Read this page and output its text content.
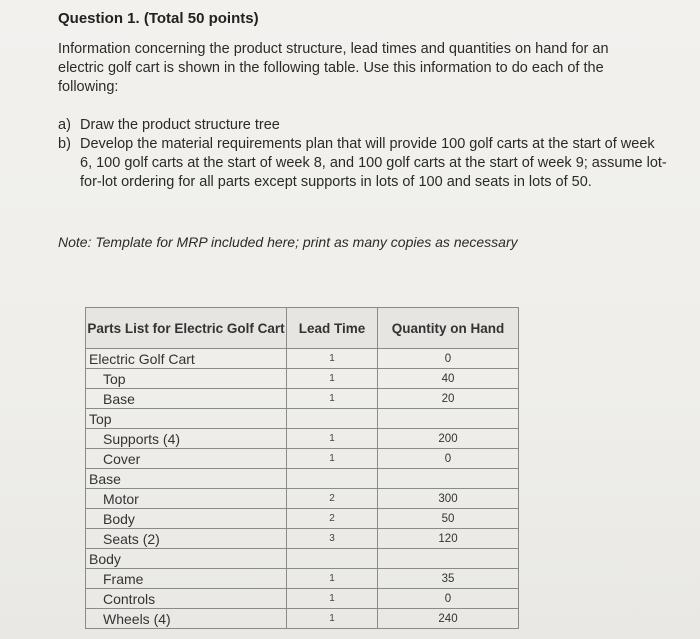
Question 1. (Total 50 points)
Information concerning the product structure, lead times and quantities on hand for an electric golf cart is shown in the following table. Use this information to do each of the following:
a) Draw the product structure tree
b) Develop the material requirements plan that will provide 100 golf carts at the start of week 6, 100 golf carts at the start of week 8, and 100 golf carts at the start of week 9; assume lot-for-lot ordering for all parts except supports in lots of 100 and seats in lots of 50.
Note: Template for MRP included here; print as many copies as necessary
Parts List for Electric Golf Cart	Lead Time	Quantity on Hand
Electric Golf Cart	1	0
Top	1	40
Base	1	20
Top		
Supports (4)	1	200
Cover	1	0
Base		
Motor	2	300
Body	2	50
Seats (2)	3	120
Body		
Frame	1	35
Controls	1	0
Wheels (4)	1	240
